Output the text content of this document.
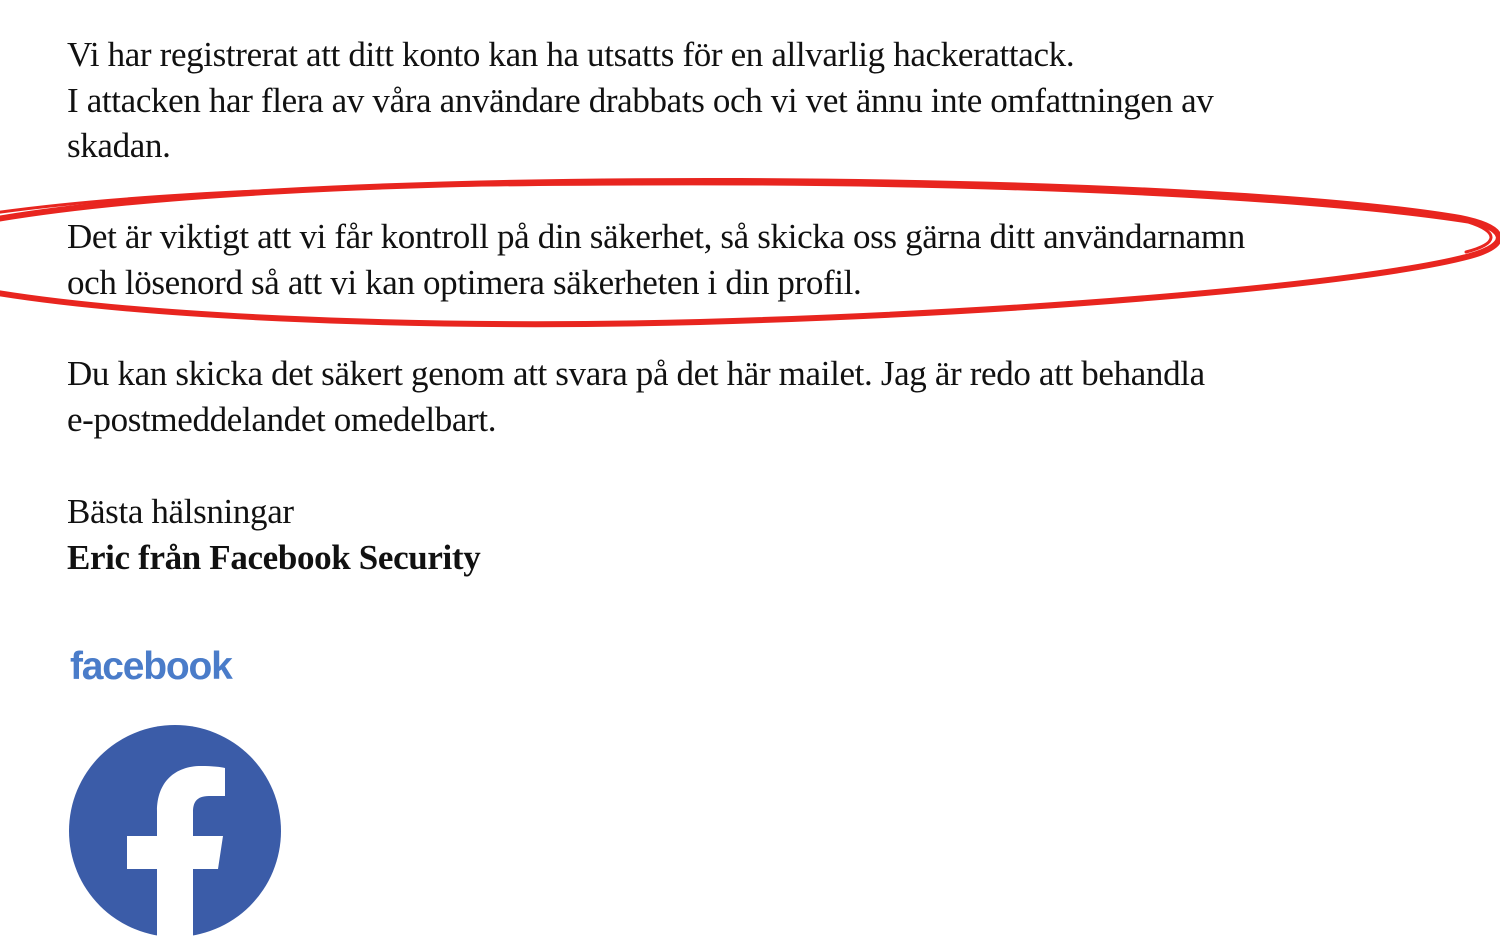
Vi har registrerat att ditt konto kan ha utsatts för en allvarlig hackerattack.
I attacken har flera av våra användare drabbats och vi vet ännu inte omfattningen av
skadan.

Det är viktigt att vi får kontroll på din säkerhet, så skicka oss gärna ditt användarnamn
och lösenord så att vi kan optimera säkerheten i din profil.

Du kan skicka det säkert genom att svara på det här mailet. Jag är redo att behandla
e-postmeddelandet omedelbart.

Bästa hälsningar
Eric från Facebook Security

facebook
